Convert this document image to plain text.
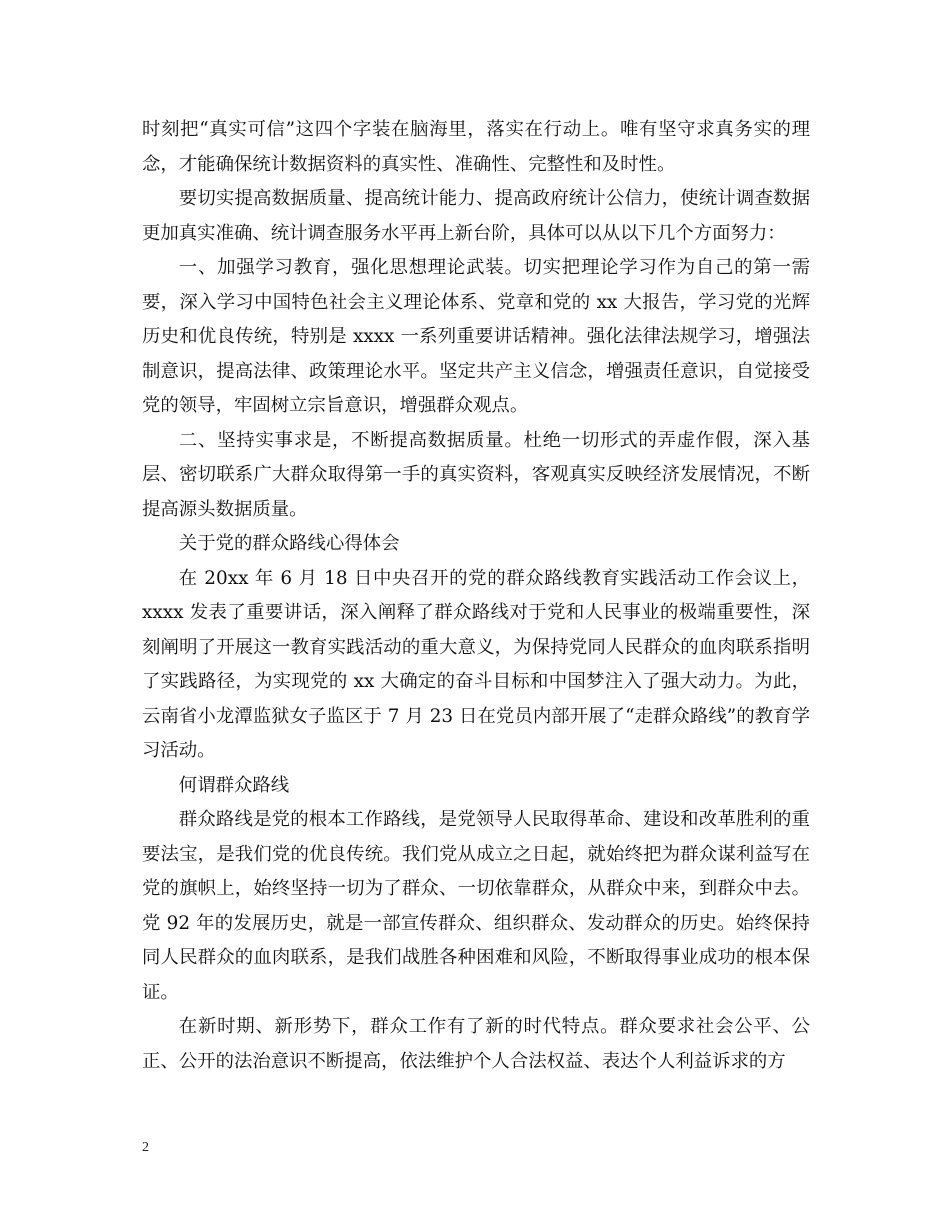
时刻把“真实可信”这四个字装在脑海里，落实在行动上。唯有坚守求真务实的理念，才能确保统计数据资料的真实性、准确性、完整性和及时性。

要切实提高数据质量、提高统计能力、提高政府统计公信力，使统计调查数据更加真实准确、统计调查服务水平再上新台阶，具体可以从以下几个方面努力：

一、加强学习教育，强化思想理论武装。切实把理论学习作为自己的第一需要，深入学习中国特色社会主义理论体系、党章和党的 xx 大报告，学习党的光辉历史和优良传统，特别是 xxxx 一系列重要讲话精神。强化法律法规学习，增强法制意识，提高法律、政策理论水平。坚定共产主义信念，增强责任意识，自觉接受党的领导，牢固树立宗旨意识，增强群众观点。

二、坚持实事求是，不断提高数据质量。杜绝一切形式的弄虚作假，深入基层、密切联系广大群众取得第一手的真实资料，客观真实反映经济发展情况，不断提高源头数据质量。

关于党的群众路线心得体会

在 20xx 年 6 月 18 日中央召开的党的群众路线教育实践活动工作会议上，xxxx 发表了重要讲话，深入阐释了群众路线对于党和人民事业的极端重要性，深刻阐明了开展这一教育实践活动的重大意义，为保持党同人民群众的血肉联系指明了实践路径，为实现党的 xx 大确定的奋斗目标和中国梦注入了强大动力。为此，云南省小龙潭监狱女子监区于 7 月 23 日在党员内部开展了“走群众路线”的教育学习活动。

何谓群众路线

群众路线是党的根本工作路线，是党领导人民取得革命、建设和改革胜利的重要法宝，是我们党的优良传统。我们党从成立之日起，就始终把为群众谋利益写在党的旗帜上，始终坚持一切为了群众、一切依靠群众，从群众中来，到群众中去。党 92 年的发展历史，就是一部宣传群众、组织群众、发动群众的历史。始终保持同人民群众的血肉联系，是我们战胜各种困难和风险，不断取得事业成功的根本保证。

在新时期、新形势下，群众工作有了新的时代特点。群众要求社会公平、公正、公开的法治意识不断提高，依法维护个人合法权益、表达个人利益诉求的方

2
